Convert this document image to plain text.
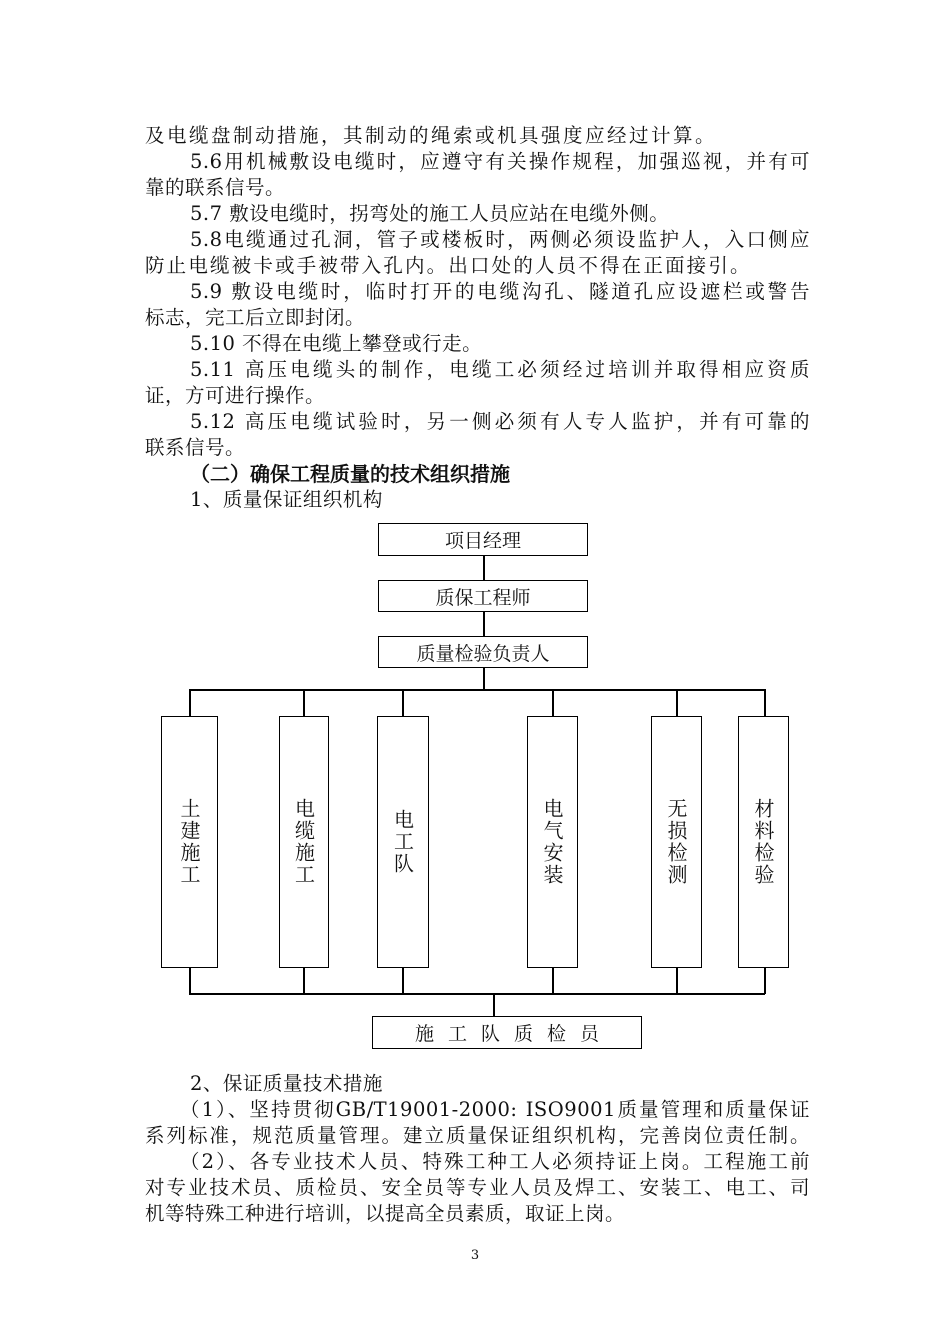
及电缆盘制动措施，其制动的绳索或机具强度应经过计算。
5.6用机械敷设电缆时，应遵守有关操作规程，加强巡视，并有可
靠的联系信号。
5.7 敷设电缆时，拐弯处的施工人员应站在电缆外侧。
5.8电缆通过孔洞，管子或楼板时，两侧必须设监护人，入口侧应
防止电缆被卡或手被带入孔内。出口处的人员不得在正面接引。
5.9 敷设电缆时，临时打开的电缆沟孔、隧道孔应设遮栏或警告
标志，完工后立即封闭。
5.10 不得在电缆上攀登或行走。
5.11 高压电缆头的制作，电缆工必须经过培训并取得相应资质
证，方可进行操作。
5.12 高压电缆试验时，另一侧必须有人专人监护，并有可靠的
联系信号。
（二）确保工程质量的技术组织措施
1、质量保证组织机构
项目经理
质保工程师
质量检验负责人
土建施工	电缆施工	电工队	电气安装	无损检测	材料检验
施工队质检员
2、保证质量技术措施
（1）、坚持贯彻GB/T19001-2000: ISO9001质量管理和质量保证
系列标准，规范质量管理。建立质量保证组织机构，完善岗位责任制。
（2）、各专业技术人员、特殊工种工人必须持证上岗。工程施工前
对专业技术员、质检员、安全员等专业人员及焊工、安装工、电工、司
机等特殊工种进行培训，以提高全员素质，取证上岗。
3
